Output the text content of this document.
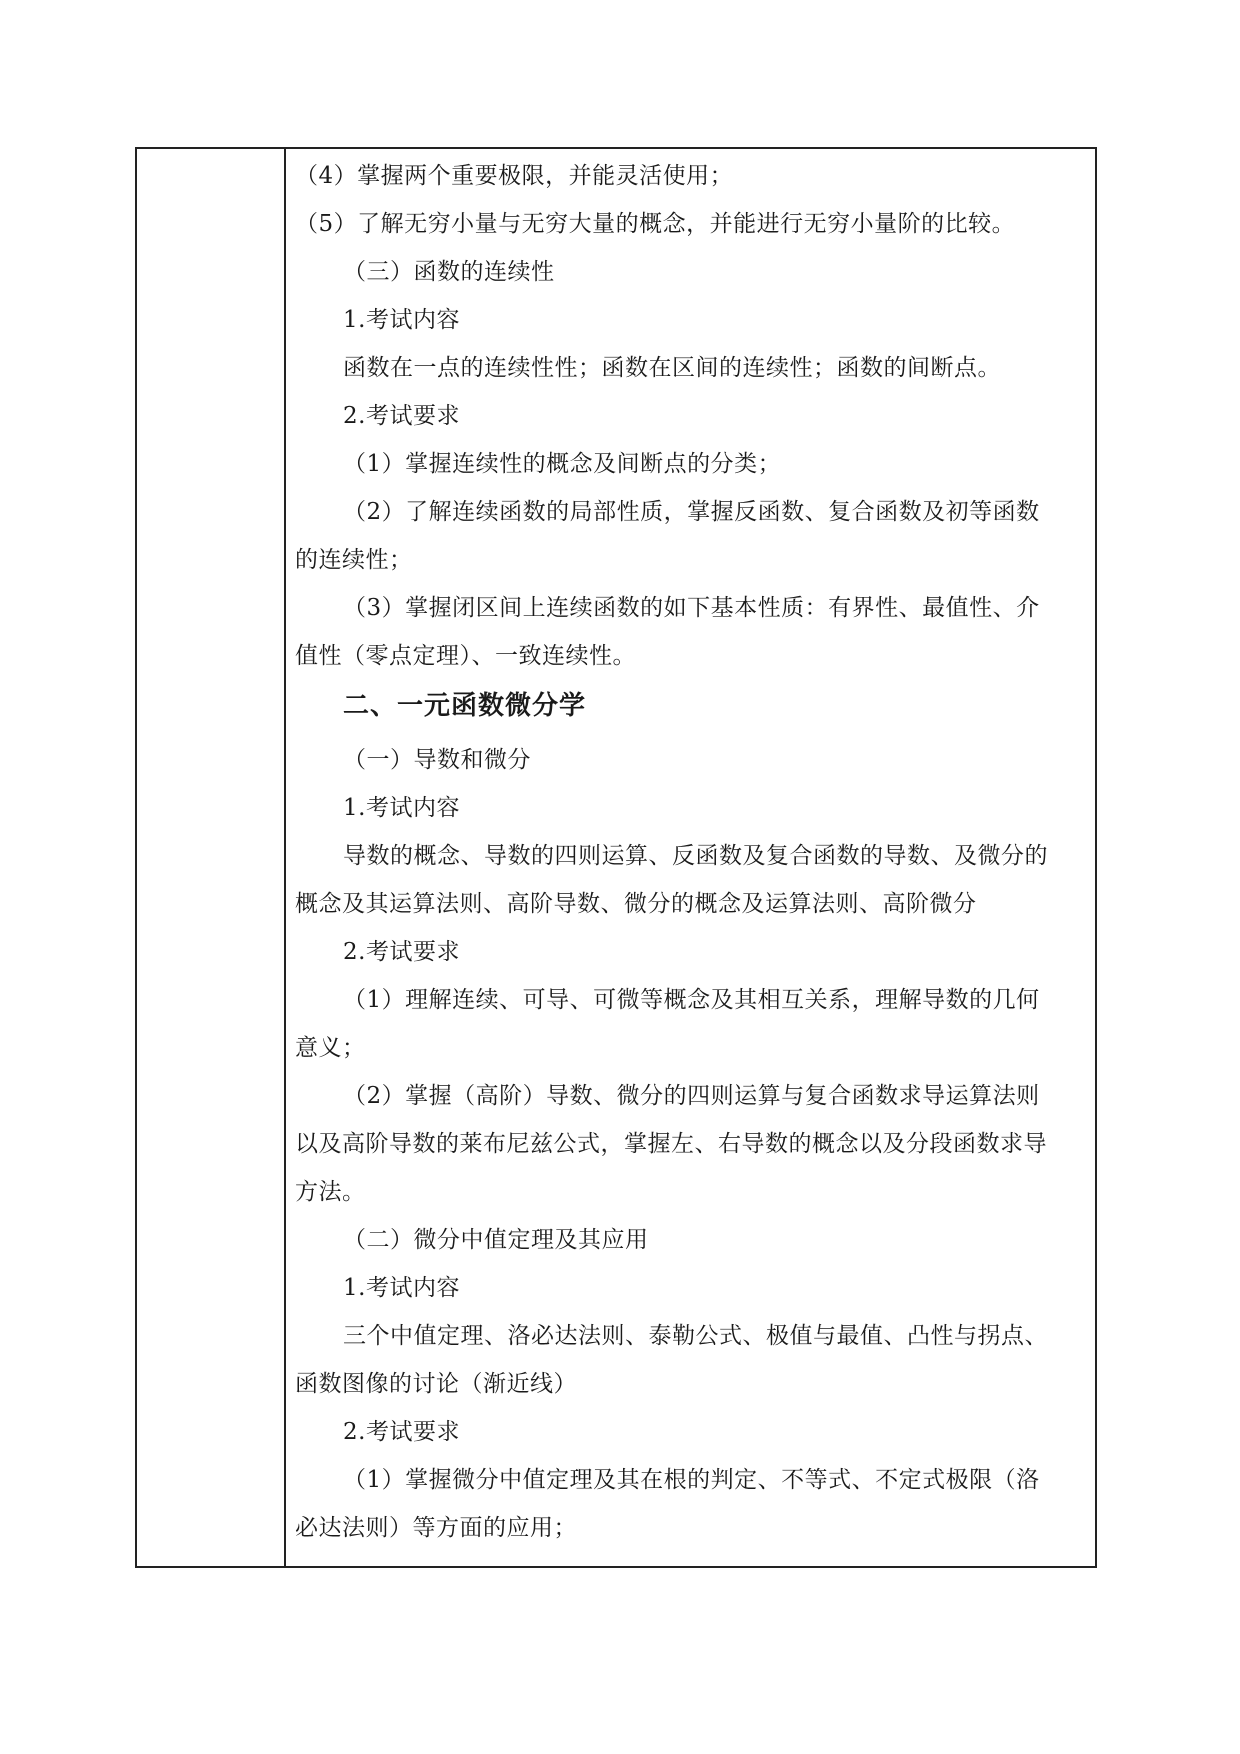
（4）掌握两个重要极限，并能灵活使用；
（5）了解无穷小量与无穷大量的概念，并能进行无穷小量阶的比较。
（三）函数的连续性
1.考试内容
函数在一点的连续性性；函数在区间的连续性；函数的间断点。
2.考试要求
（1）掌握连续性的概念及间断点的分类；
（2）了解连续函数的局部性质，掌握反函数、复合函数及初等函数
的连续性；
（3）掌握闭区间上连续函数的如下基本性质：有界性、最值性、介
值性（零点定理）、一致连续性。
二、一元函数微分学
（一）导数和微分
1.考试内容
导数的概念、导数的四则运算、反函数及复合函数的导数、及微分的
概念及其运算法则、高阶导数、微分的概念及运算法则、高阶微分
2.考试要求
（1）理解连续、可导、可微等概念及其相互关系，理解导数的几何
意义；
（2）掌握（高阶）导数、微分的四则运算与复合函数求导运算法则
以及高阶导数的莱布尼兹公式，掌握左、右导数的概念以及分段函数求导
方法。
（二）微分中值定理及其应用
1.考试内容
三个中值定理、洛必达法则、泰勒公式、极值与最值、凸性与拐点、
函数图像的讨论（渐近线）
2.考试要求
（1）掌握微分中值定理及其在根的判定、不等式、不定式极限（洛
必达法则）等方面的应用；
